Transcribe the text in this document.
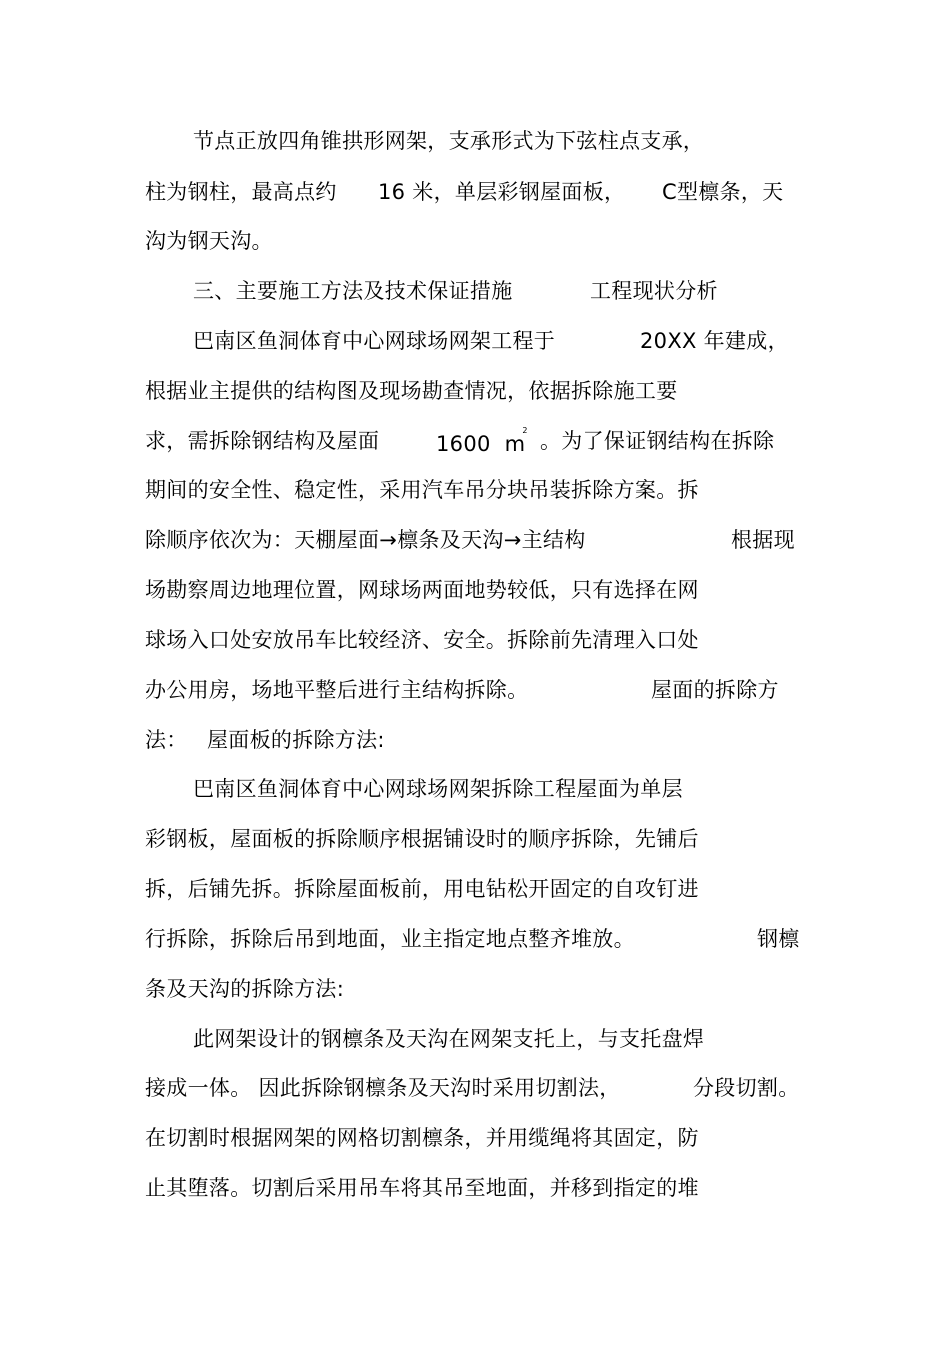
节点正放四角锥拱形网架，支承形式为下弦柱点支承，

柱为钢柱，最高点约

16 米，单层彩钢屋面板，

C型檩条，天

沟为钢天沟。

三、主要施工方法及技术保证措施

	工程现状分析

巴南区鱼洞体育中心网球场网架工程于

	20XX 年建成，

根据业主提供的结构图及现场勘查情况，依据拆除施工要

求，需拆除钢结构及屋面

	1600  $m^2$

。为了保证钢结构在拆除

期间的安全性、稳定性，采用汽车吊分块吊装拆除方案。拆

除顺序依次为：天棚屋面→檩条及天沟→主结构

	根据现

场勘察周边地理位置，网球场两面地势较低，只有选择在网

球场入口处安放吊车比较经济、安全。拆除前先清理入口处

办公用房，场地平整后进行主结构拆除。

	屋面的拆除方

法：

屋面板的拆除方法:

巴南区鱼洞体育中心网球场网架拆除工程屋面为单层

彩钢板，屋面板的拆除顺序根据铺设时的顺序拆除，先铺后

拆，后铺先拆。拆除屋面板前，用电钻松开固定的自攻钉进

行拆除，拆除后吊到地面，业主指定地点整齐堆放。

	钢檩

条及天沟的拆除方法:

此网架设计的钢檩条及天沟在网架支托上，与支托盘焊

接成一体。 因此拆除钢檩条及天沟时采用切割法，

	分段切割。

在切割时根据网架的网格切割檩条，并用缆绳将其固定，防

止其堕落。切割后采用吊车将其吊至地面，并移到指定的堆
